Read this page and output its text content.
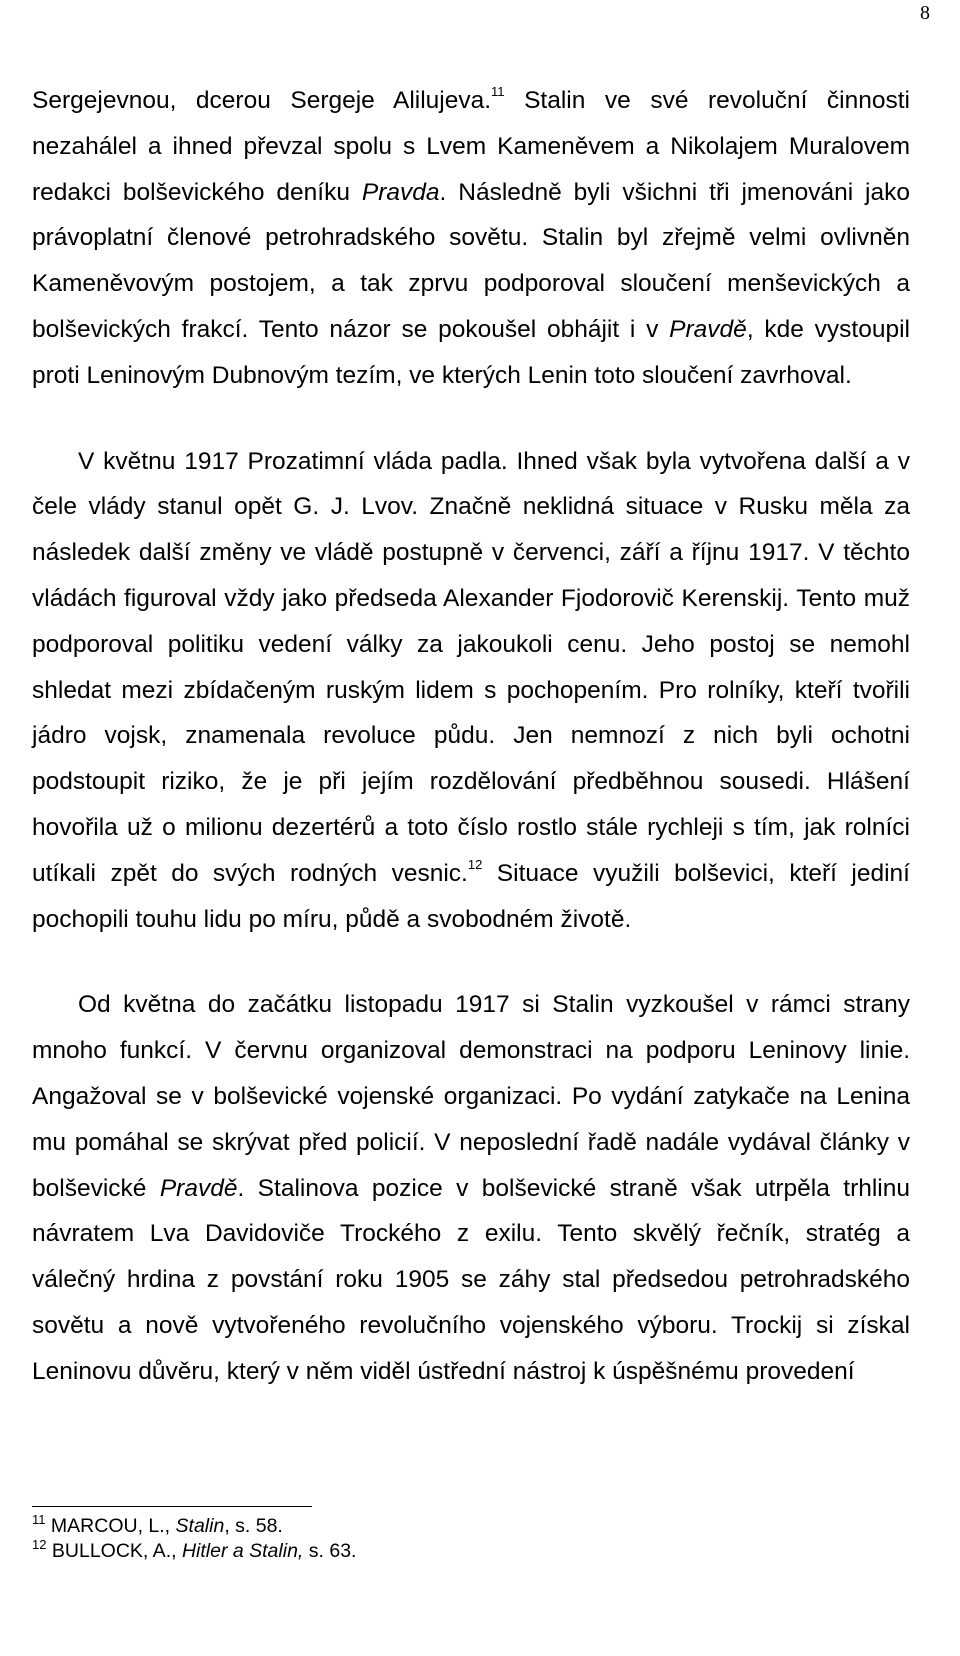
8

Sergejevnou, dcerou Sergeje Alilujeva.$^{11}$ Stalin ve své revoluční činnosti nezahálel a ihned převzal spolu s Lvem Kameněvem a Nikolajem Muralovem redakci bolševického deníku Pravda. Následně byli všichni tři jmenováni jako právoplatní členové petrohradského sovětu. Stalin byl zřejmě velmi ovlivněn Kameněvovým postojem, a tak zprvu podporoval sloučení menševických a bolševických frakcí. Tento názor se pokoušel obhájit i v Pravdě, kde vystoupil proti Leninovým Dubnovým tezím, ve kterých Lenin toto sloučení zavrhoval.

V květnu 1917 Prozatimní vláda padla. Ihned však byla vytvořena další a v čele vlády stanul opět G. J. Lvov. Značně neklidná situace v Rusku měla za následek další změny ve vládě postupně v červenci, září a říjnu 1917. V těchto vládách figuroval vždy jako předseda Alexander Fjodorovič Kerenskij. Tento muž podporoval politiku vedení války za jakoukoli cenu. Jeho postoj se nemohl shledat mezi zbídačeným ruským lidem s pochopením. Pro rolníky, kteří tvořili jádro vojsk, znamenala revoluce půdu. Jen nemnozí z nich byli ochotni podstoupit riziko, že je při jejím rozdělování předběhnou sousedi. Hlášení hovořila už o milionu dezertérů a toto číslo rostlo stále rychleji s tím, jak rolníci utíkali zpět do svých rodných vesnic.$^{12}$ Situace využili bolševici, kteří jediní pochopili touhu lidu po míru, půdě a svobodném životě.

Od května do začátku listopadu 1917 si Stalin vyzkoušel v rámci strany mnoho funkcí. V červnu organizoval demonstraci na podporu Leninovy linie. Angažoval se v bolševické vojenské organizaci. Po vydání zatykače na Lenina mu pomáhal se skrývat před policií. V neposlední řadě nadále vydával články v bolševické Pravdě. Stalinova pozice v bolševické straně však utrpěla trhlinu návratem Lva Davidoviče Trockého z exilu. Tento skvělý řečník, stratég a válečný hrdina z povstání roku 1905 se záhy stal předsedou petrohradského sovětu a nově vytvořeného revolučního vojenského výboru. Trockij si získal Leninovu důvěru, který v něm viděl ústřední nástroj k úspěšnému provedení

$^{11}$ MARCOU, L., Stalin, s. 58.

$^{12}$ BULLOCK, A., Hitler a Stalin, s. 63.
